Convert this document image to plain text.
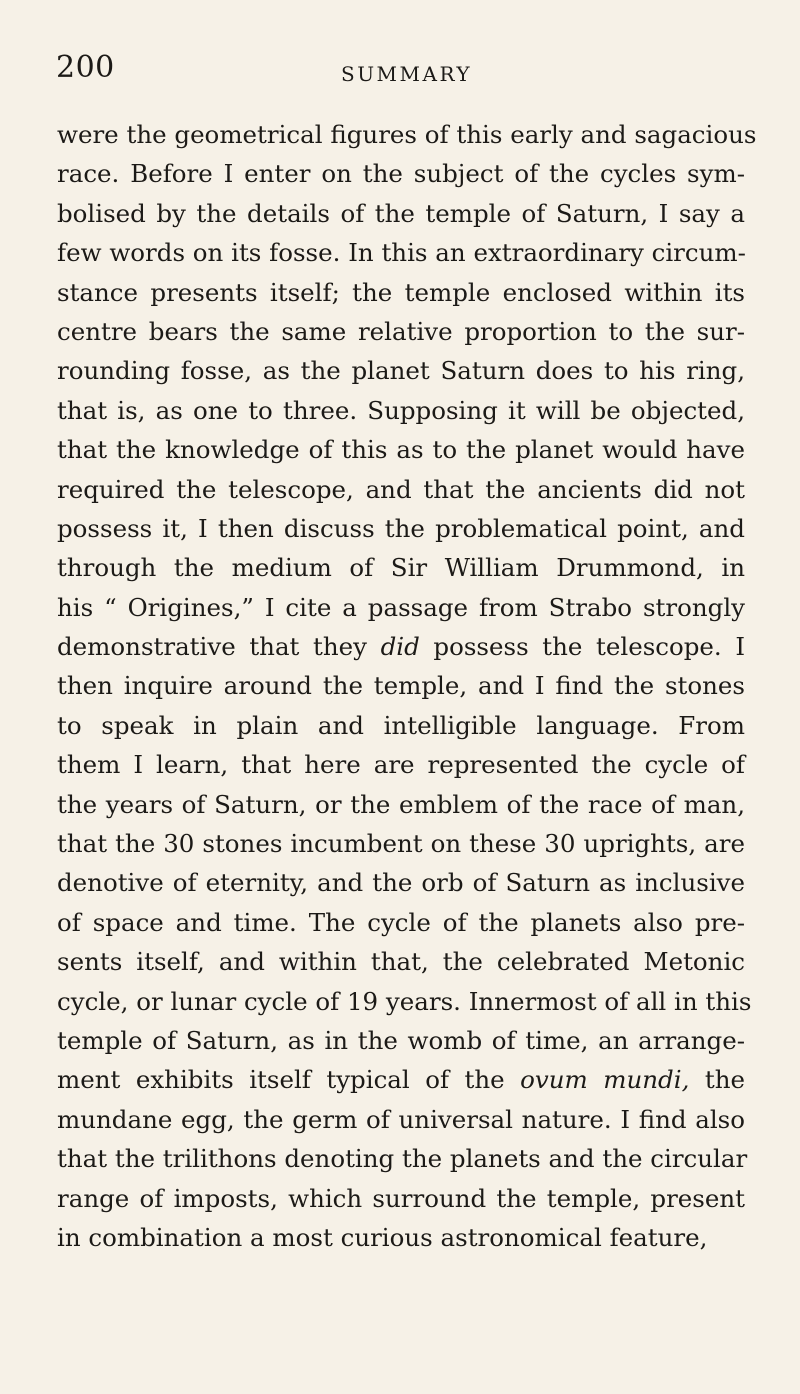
200	SUMMARY
were the geometrical figures of this early and sagacious
race. Before I enter on the subject of the cycles sym-
bolised by the details of the temple of Saturn, I say a
few words on its fosse. In this an extraordinary circum-
stance presents itself; the temple enclosed within its
centre bears the same relative proportion to the sur-
rounding fosse, as the planet Saturn does to his ring,
that is, as one to three. Supposing it will be objected,
that the knowledge of this as to the planet would have
required the telescope, and that the ancients did not
possess it, I then discuss the problematical point, and
through the medium of Sir William Drummond, in
his “ Origines,” I cite a passage from Strabo strongly
demonstrative that they did possess the telescope. I
then inquire around the temple, and I find the stones
to speak in plain and intelligible language. From
them I learn, that here are represented the cycle of
the years of Saturn, or the emblem of the race of man,
that the 30 stones incumbent on these 30 uprights, are
denotive of eternity, and the orb of Saturn as inclusive
of space and time. The cycle of the planets also pre-
sents itself, and within that, the celebrated Metonic
cycle, or lunar cycle of 19 years. Innermost of all in this
temple of Saturn, as in the womb of time, an arrange-
ment exhibits itself typical of the ovum mundi, the
mundane egg, the germ of universal nature. I find also
that the trilithons denoting the planets and the circular
range of imposts, which surround the temple, present
in combination a most curious astronomical feature,
